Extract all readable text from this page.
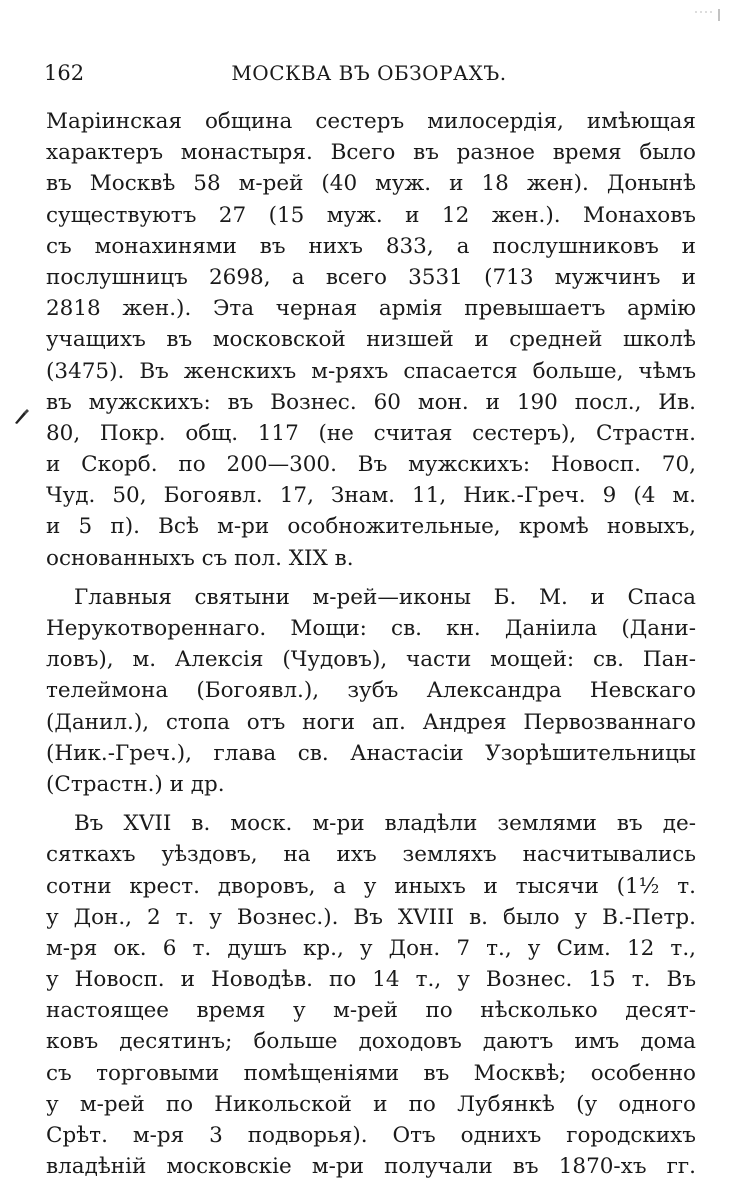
162	МОСКВА ВЪ ОБЗОРАХЪ.
Маріинская община сестеръ милосердія, имѣющая
характеръ монастыря. Всего въ разное время было
въ Москвѣ 58 м-рей (40 муж. и 18 жен). Донынѣ
существуютъ 27 (15 муж. и 12 жен.). Монаховъ
съ монахинями въ нихъ 833, а послушниковъ и
послушницъ 2698, а всего 3531 (713 мужчинъ и
2818 жен.). Эта черная армія превышаетъ армію
учащихъ въ московской низшей и средней школѣ
(3475). Въ женскихъ м-ряхъ спасается больше, чѣмъ
въ мужскихъ: въ Вознес. 60 мон. и 190 посл., Ив.
80, Покр. общ. 117 (не считая сестеръ), Страстн.
и Скорб. по 200—300. Въ мужскихъ: Новосп. 70,
Чуд. 50, Богоявл. 17, Знам. 11, Ник.-Греч. 9 (4 м.
и 5 п). Всѣ м-ри особножительные, кромѣ новыхъ,
основанныхъ съ пол. XIX в.
Главныя святыни м-рей—иконы Б. М. и Спаса
Нерукотвореннаго. Мощи: св. кн. Даніила (Дани-
ловъ), м. Алексія (Чудовъ), части мощей: св. Пан-
телеймона (Богоявл.), зубъ Александра Невскаго
(Данил.), стопа отъ ноги ап. Андрея Первозваннаго
(Ник.-Греч.), глава св. Анастасіи Узорѣшительницы
(Страстн.) и др.
Въ XVII в. моск. м-ри владѣли землями въ де-
сяткахъ уѣздовъ, на ихъ земляхъ насчитывались
сотни крест. дворовъ, а у иныхъ и тысячи (1½ т.
у Дон., 2 т. у Вознес.). Въ XVIII в. было у В.-Петр.
м-ря ок. 6 т. душъ кр., у Дон. 7 т., у Сим. 12 т.,
у Новосп. и Новодѣв. по 14 т., у Вознес. 15 т. Въ
настоящее время у м-рей по нѣсколько десят-
ковъ десятинъ; больше доходовъ даютъ имъ дома
съ торговыми помѣщеніями въ Москвѣ; особенно
у м-рей по Никольской и по Лубянкѣ (у одного
Срѣт. м-ря 3 подворья). Отъ однихъ городскихъ
владѣній московскіе м-ри получали въ 1870-хъ гг.
